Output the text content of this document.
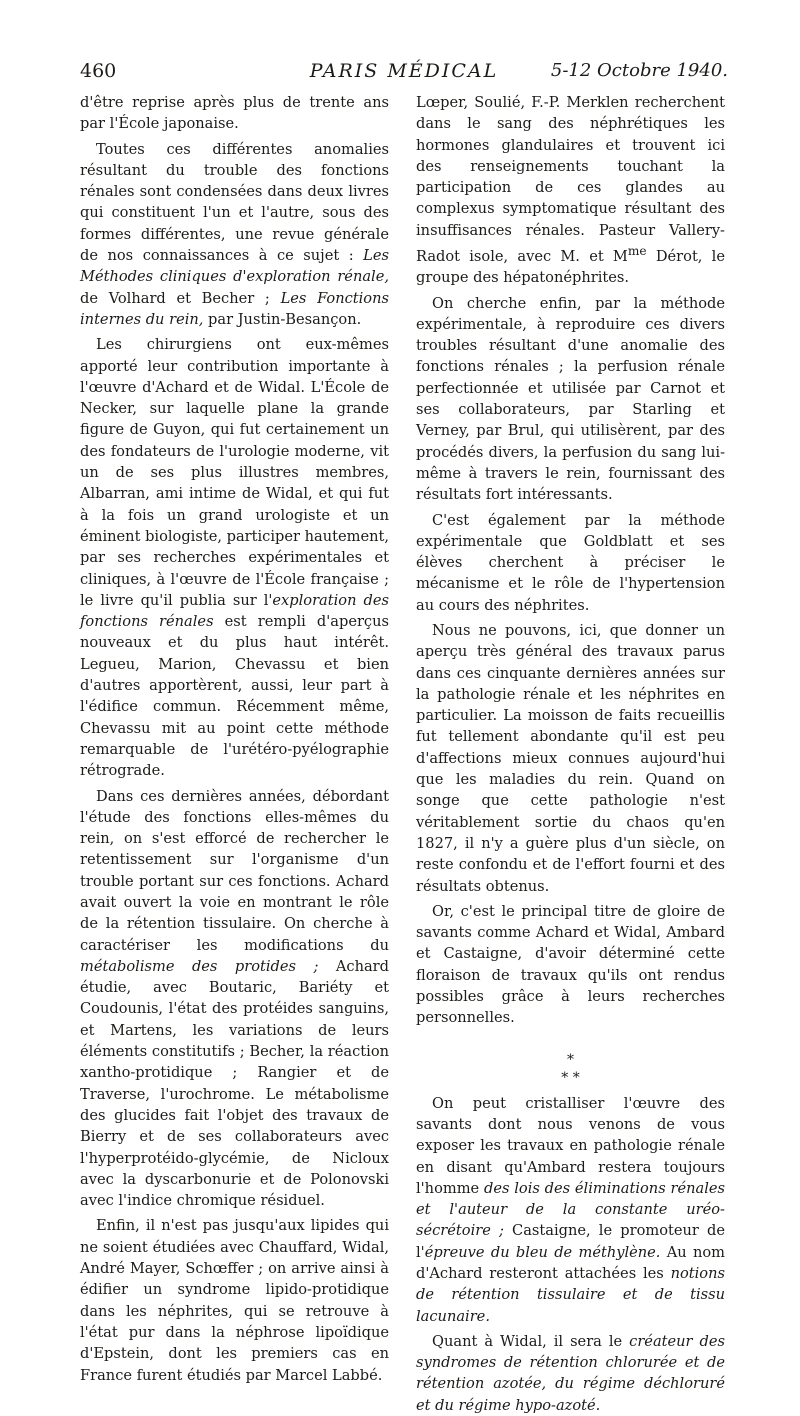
460	PARIS MÉDICAL	5-12 Octobre 1940.

d'être reprise après plus de trente ans par l'École japonaise.

Toutes ces différentes anomalies résultant du trouble des fonctions rénales sont condensées dans deux livres qui constituent l'un et l'autre, sous des formes différentes, une revue générale de nos connaissances à ce sujet : Les Méthodes cliniques d'exploration rénale, de Volhard et Becher ; Les Fonctions internes du rein, par Justin-Besançon.

Les chirurgiens ont eux-mêmes apporté leur contribution importante à l'œuvre d'Achard et de Widal. L'École de Necker, sur laquelle plane la grande figure de Guyon, qui fut certainement un des fondateurs de l'urologie moderne, vit un de ses plus illustres membres, Albarran, ami intime de Widal, et qui fut à la fois un grand urologiste et un éminent biologiste, participer hautement, par ses recherches expérimentales et cliniques, à l'œuvre de l'École française ; le livre qu'il publia sur l'exploration des fonctions rénales est rempli d'aperçus nouveaux et du plus haut intérêt. Legueu, Marion, Chevassu et bien d'autres apportèrent, aussi, leur part à l'édifice commun. Récemment même, Chevassu mit au point cette méthode remarquable de l'urétéro-pyélographie rétrograde.

Dans ces dernières années, débordant l'étude des fonctions elles-mêmes du rein, on s'est efforcé de rechercher le retentissement sur l'organisme d'un trouble portant sur ces fonctions. Achard avait ouvert la voie en montrant le rôle de la rétention tissulaire. On cherche à caractériser les modifications du métabolisme des protides ; Achard étudie, avec Boutaric, Bariéty et Coudounis, l'état des protéides sanguins, et Martens, les variations de leurs éléments constitutifs ; Becher, la réaction xantho-protidique ; Rangier et de Traverse, l'urochrome. Le métabolisme des glucides fait l'objet des travaux de Bierry et de ses collaborateurs avec l'hyperprotéido-glycémie, de Nicloux avec la dyscarbonurie et de Polonovski avec l'indice chromique résiduel.

Enfin, il n'est pas jusqu'aux lipides qui ne soient étudiées avec Chauffard, Widal, André Mayer, Schœffer ; on arrive ainsi à édifier un syndrome lipido-protidique dans les néphrites, qui se retrouve à l'état pur dans la néphrose lipoïdique d'Epstein, dont les premiers cas en France furent étudiés par Marcel Labbé.

Lœper, Soulié, F.-P. Merklen recherchent dans le sang des néphrétiques les hormones glandulaires et trouvent ici des renseignements touchant la participation de ces glandes au complexus symptomatique résultant des insuffisances rénales. Pasteur Vallery-Radot isole, avec M. et $M^{me}$ Dérot, le groupe des hépatonéphrites.

On cherche enfin, par la méthode expérimentale, à reproduire ces divers troubles résultant d'une anomalie des fonctions rénales ; la perfusion rénale perfectionnée et utilisée par Carnot et ses collaborateurs, par Starling et Verney, par Brul, qui utilisèrent, par des procédés divers, la perfusion du sang lui-même à travers le rein, fournissant des résultats fort intéressants.

C'est également par la méthode expérimentale que Goldblatt et ses élèves cherchent à préciser le mécanisme et le rôle de l'hypertension au cours des néphrites.

Nous ne pouvons, ici, que donner un aperçu très général des travaux parus dans ces cinquante dernières années sur la pathologie rénale et les néphrites en particulier. La moisson de faits recueillis fut tellement abondante qu'il est peu d'affections mieux connues aujourd'hui que les maladies du rein. Quand on songe que cette pathologie n'est véritablement sortie du chaos qu'en 1827, il n'y a guère plus d'un siècle, on reste confondu et de l'effort fourni et des résultats obtenus.

Or, c'est le principal titre de gloire de savants comme Achard et Widal, Ambard et Castaigne, d'avoir déterminé cette floraison de travaux qu'ils ont rendus possibles grâce à leurs recherches personnelles.

*
* *

On peut cristalliser l'œuvre des savants dont nous venons de vous exposer les travaux en pathologie rénale en disant qu'Ambard restera toujours l'homme des lois des éliminations rénales et l'auteur de la constante uréo-sécrétoire ; Castaigne, le promoteur de l'épreuve du bleu de méthylène. Au nom d'Achard resteront attachées les notions de rétention tissulaire et de tissu lacunaire.

Quant à Widal, il sera le créateur des syndromes de rétention chlorurée et de rétention azotée, du régime déchloruré et du régime hypo-azoté.
